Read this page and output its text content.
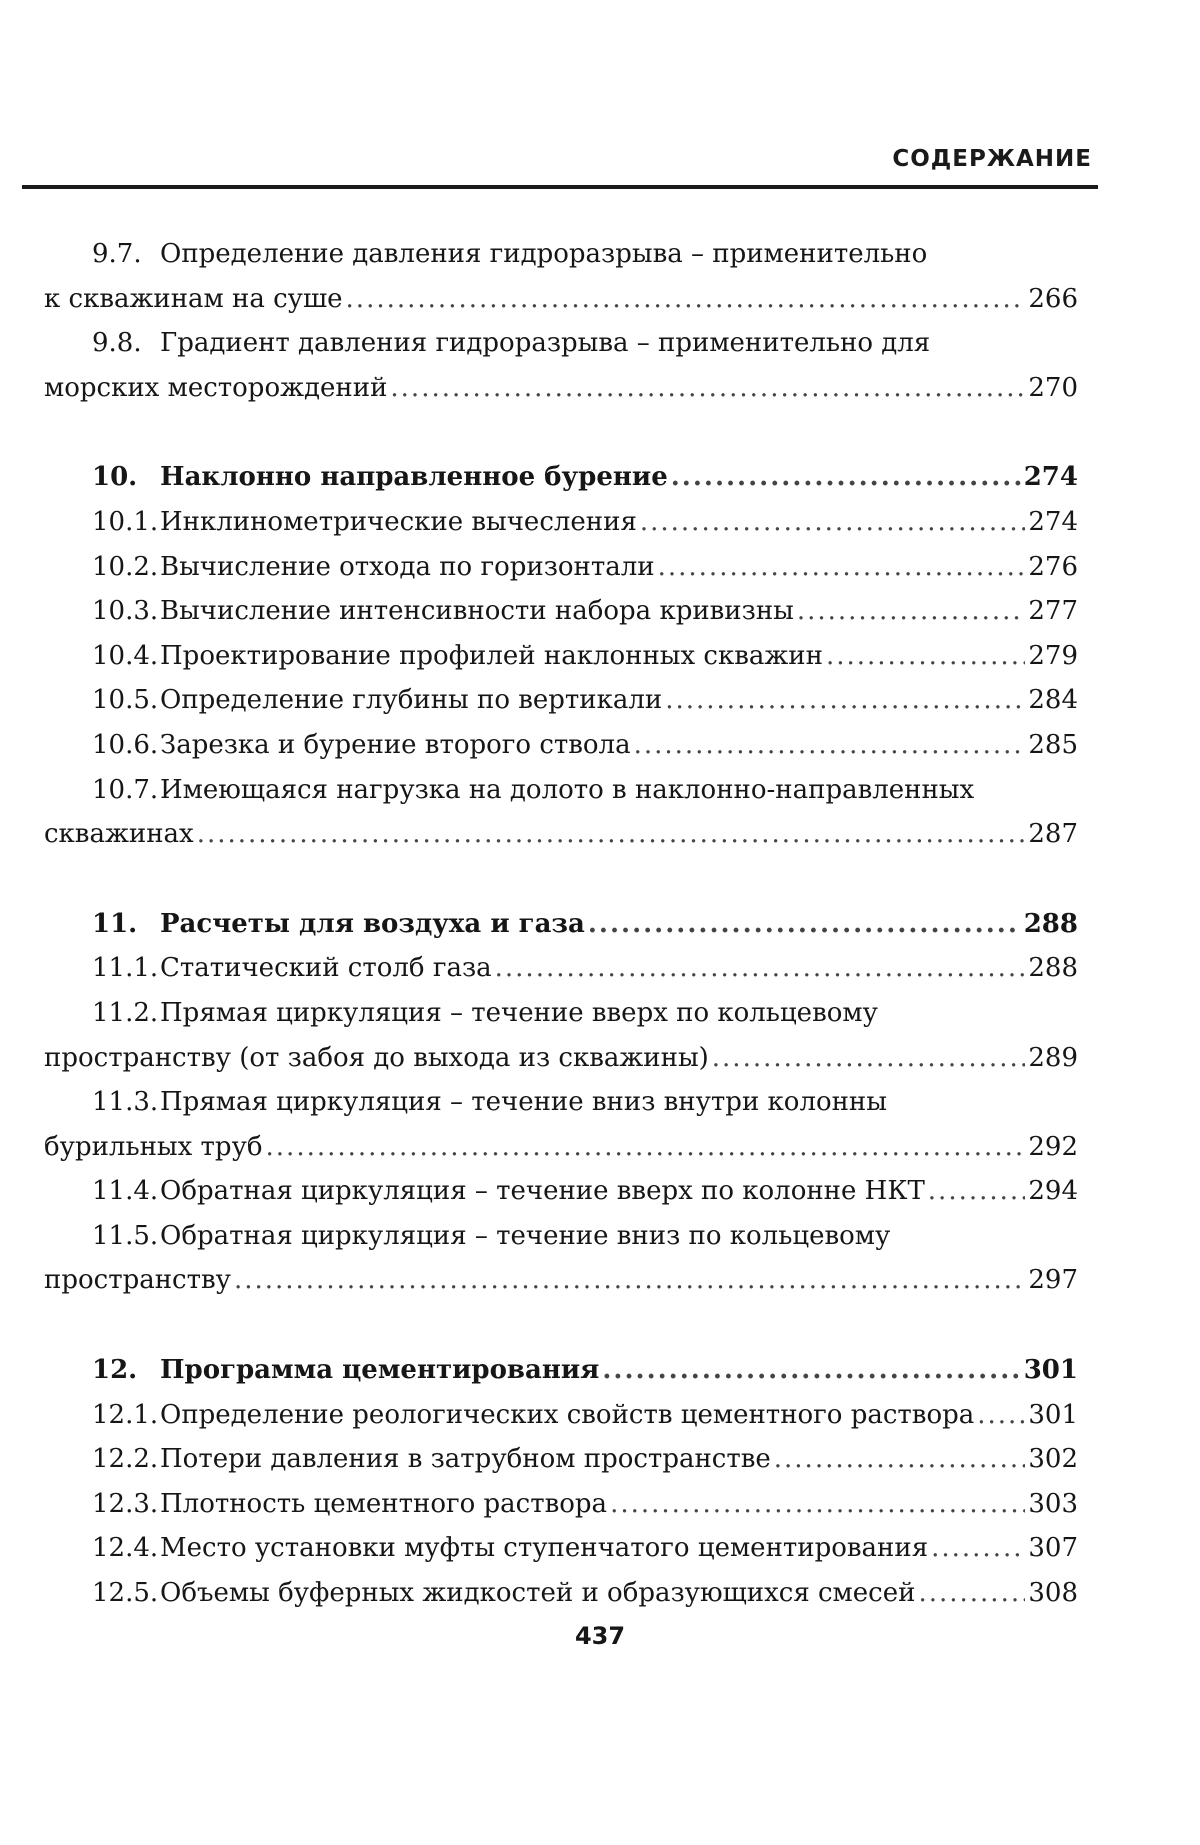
СОДЕРЖАНИЕ
9.7. Определение давления гидроразрыва – применительно
к скважинам на суше .....	266
9.8. Градиент давления гидроразрыва – применительно для
морских месторождений .....	270
10. Наклонно направленное бурение .....	274
10.1. Инклинометрические вычесления .....	274
10.2. Вычисление отхода по горизонтали .....	276
10.3. Вычисление интенсивности набора кривизны .....	277
10.4. Проектирование профилей наклонных скважин .....	279
10.5. Определение глубины по вертикали .....	284
10.6. Зарезка и бурение второго ствола .....	285
10.7.Имеющаяся нагрузка на долото в наклонно-направленных
скважинах .....	287
11. Расчеты для воздуха и газа .....	288
11.1. Статический столб газа .....	288
11.2.Прямая циркуляция – течение вверх по кольцевому
пространству (от забоя до выхода из скважины) .....	289
11.3.Прямая циркуляция – течение вниз внутри колонны
бурильных труб .....	292
11.4. Обратная циркуляция – течение вверх по колонне НКТ .....	294
11.5.Обратная циркуляция – течение вниз по кольцевому
пространству .....	297
12. Программа цементирования .....	301
12.1. Определение реологических свойств цементного раствора ..... 301
12.2. Потери давления в затрубном пространстве .....	302
12.3. Плотность цементного раствора .....	303
12.4. Место установки муфты ступенчатого цементирования .....	307
12.5. Объемы буферных жидкостей и образующихся смесей .....	308

437
